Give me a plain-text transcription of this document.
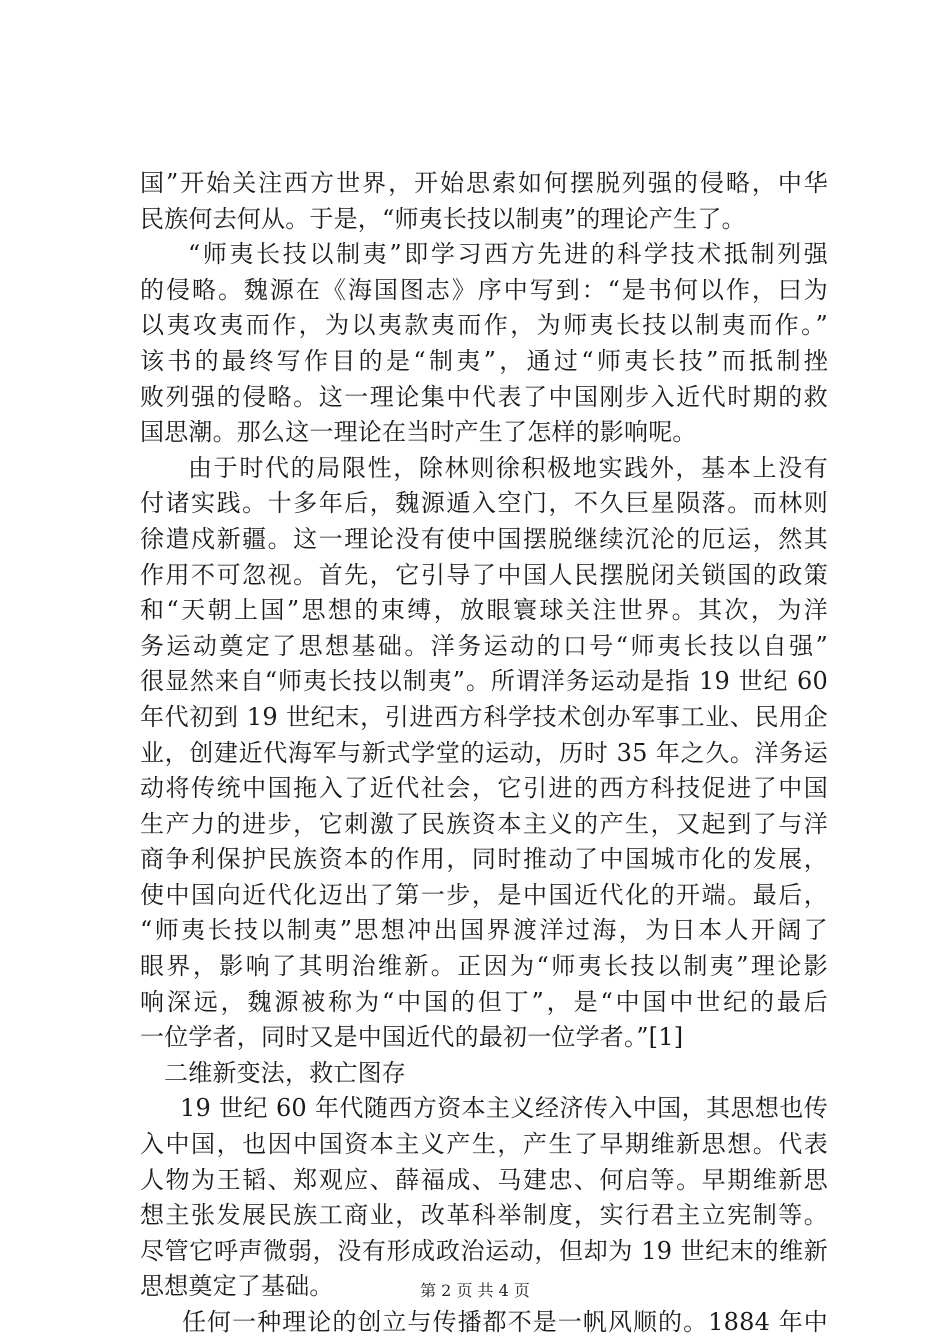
国”开始关注西方世界，开始思索如何摆脱列强的侵略，中华
民族何去何从。于是，“师夷长技以制夷”的理论产生了。
“师夷长技以制夷”即学习西方先进的科学技术抵制列强
的侵略。魏源在《海国图志》序中写到：“是书何以作，曰为
以夷攻夷而作，为以夷款夷而作，为师夷长技以制夷而作。”
该书的最终写作目的是“制夷”，通过“师夷长技”而抵制挫
败列强的侵略。这一理论集中代表了中国刚步入近代时期的救
国思潮。那么这一理论在当时产生了怎样的影响呢。
由于时代的局限性，除林则徐积极地实践外，基本上没有
付诸实践。十多年后，魏源遁入空门，不久巨星陨落。而林则
徐遣戍新疆。这一理论没有使中国摆脱继续沉沦的厄运，然其
作用不可忽视。首先，它引导了中国人民摆脱闭关锁国的政策
和“天朝上国”思想的束缚，放眼寰球关注世界。其次，为洋
务运动奠定了思想基础。洋务运动的口号“师夷长技以自强”
很显然来自“师夷长技以制夷”。所谓洋务运动是指 19 世纪 60
年代初到 19 世纪末，引进西方科学技术创办军事工业、民用企
业，创建近代海军与新式学堂的运动，历时 35 年之久。洋务运
动将传统中国拖入了近代社会，它引进的西方科技促进了中国
生产力的进步，它刺激了民族资本主义的产生，又起到了与洋
商争利保护民族资本的作用，同时推动了中国城市化的发展，
使中国向近代化迈出了第一步，是中国近代化的开端。最后，
“师夷长技以制夷”思想冲出国界渡洋过海，为日本人开阔了
眼界，影响了其明治维新。正因为“师夷长技以制夷”理论影
响深远，魏源被称为“中国的但丁”，是“中国中世纪的最后
一位学者，同时又是中国近代的最初一位学者。”[1]
二维新变法，救亡图存
19 世纪 60 年代随西方资本主义经济传入中国，其思想也传
入中国，也因中国资本主义产生，产生了早期维新思想。代表
人物为王韬、郑观应、薛福成、马建忠、何启等。早期维新思
想主张发展民族工商业，改革科举制度，实行君主立宪制等。
尽管它呼声微弱，没有形成政治运动，但却为 19 世纪末的维新
思想奠定了基础。
任何一种理论的创立与传播都不是一帆风顺的。1884 年中
第 2 页 共 4 页
